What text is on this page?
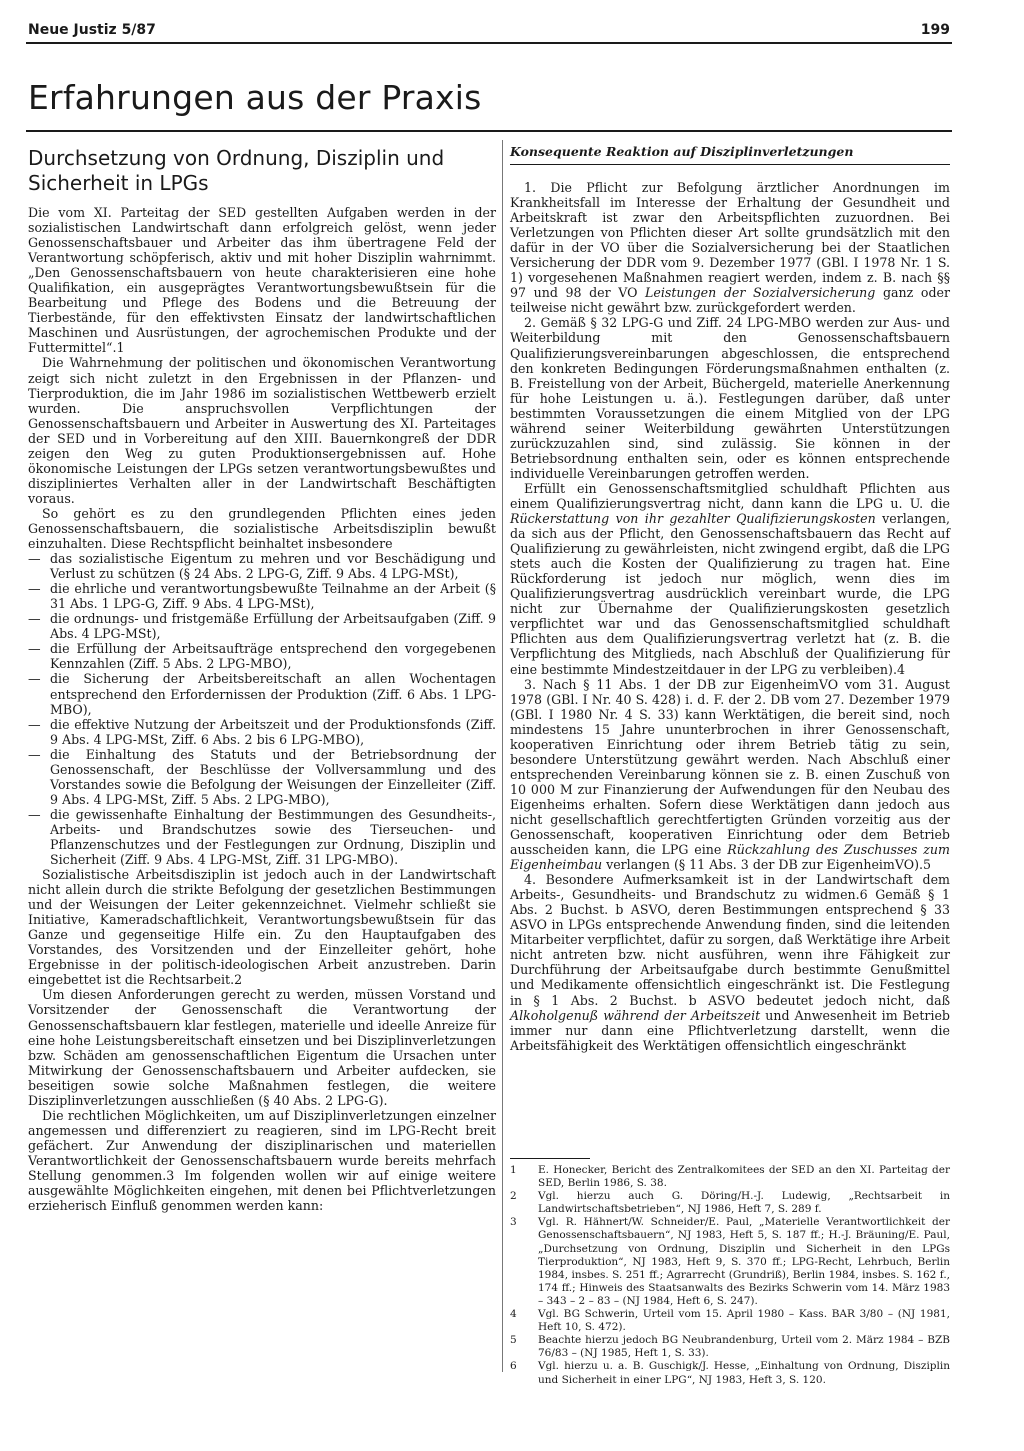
Neue Justiz 5/87	199
Erfahrungen aus der Praxis
Durchsetzung von Ordnung, Disziplin und Sicherheit in LPGs

Die vom XI. Parteitag der SED gestellten Aufgaben werden in der sozialistischen Landwirtschaft dann erfolgreich gelöst, wenn jeder Genossenschaftsbauer und Arbeiter das ihm übertragene Feld der Verantwortung schöpferisch, aktiv und mit hoher Disziplin wahrnimmt. „Den Genossenschaftsbauern von heute charakterisieren eine hohe Qualifikation, ein ausgeprägtes Verantwortungsbewußtsein für die Bearbeitung und Pflege des Bodens und die Betreuung der Tierbestände, für den effektivsten Einsatz der landwirtschaftlichen Maschinen und Ausrüstungen, der agrochemischen Produkte und der Futtermittel“.1

Die Wahrnehmung der politischen und ökonomischen Verantwortung zeigt sich nicht zuletzt in den Ergebnissen in der Pflanzen- und Tierproduktion, die im Jahr 1986 im sozialistischen Wettbewerb erzielt wurden. Die anspruchsvollen Verpflichtungen der Genossenschaftsbauern und Arbeiter in Auswertung des XI. Parteitages der SED und in Vorbereitung auf den XIII. Bauernkongreß der DDR zeigen den Weg zu guten Produktionsergebnissen auf. Hohe ökonomische Leistungen der LPGs setzen verantwortungsbewußtes und diszipliniertes Verhalten aller in der Landwirtschaft Beschäftigten voraus.

So gehört es zu den grundlegenden Pflichten eines jeden Genossenschaftsbauern, die sozialistische Arbeitsdisziplin bewußt einzuhalten. Diese Rechtspflicht beinhaltet insbesondere

— das sozialistische Eigentum zu mehren und vor Beschädigung und Verlust zu schützen (§ 24 Abs. 2 LPG-G, Ziff. 9 Abs. 4 LPG-MSt),
— die ehrliche und verantwortungsbewußte Teilnahme an der Arbeit (§ 31 Abs. 1 LPG-G, Ziff. 9 Abs. 4 LPG-MSt),
— die ordnungs- und fristgemäße Erfüllung der Arbeitsaufgaben (Ziff. 9 Abs. 4 LPG-MSt),
— die Erfüllung der Arbeitsaufträge entsprechend den vorgegebenen Kennzahlen (Ziff. 5 Abs. 2 LPG-MBO),
— die Sicherung der Arbeitsbereitschaft an allen Wochentagen entsprechend den Erfordernissen der Produktion (Ziff. 6 Abs. 1 LPG-MBO),
— die effektive Nutzung der Arbeitszeit und der Produktionsfonds (Ziff. 9 Abs. 4 LPG-MSt, Ziff. 6 Abs. 2 bis 6 LPG-MBO),
— die Einhaltung des Statuts und der Betriebsordnung der Genossenschaft, der Beschlüsse der Vollversammlung und des Vorstandes sowie die Befolgung der Weisungen der Einzelleiter (Ziff. 9 Abs. 4 LPG-MSt, Ziff. 5 Abs. 2 LPG-MBO),
— die gewissenhafte Einhaltung der Bestimmungen des Gesundheits-, Arbeits- und Brandschutzes sowie des Tierseuchen- und Pflanzenschutzes und der Festlegungen zur Ordnung, Disziplin und Sicherheit (Ziff. 9 Abs. 4 LPG-MSt, Ziff. 31 LPG-MBO).

Sozialistische Arbeitsdisziplin ist jedoch auch in der Landwirtschaft nicht allein durch die strikte Befolgung der gesetzlichen Bestimmungen und der Weisungen der Leiter gekennzeichnet. Vielmehr schließt sie Initiative, Kameradschaftlichkeit, Verantwortungsbewußtsein für das Ganze und gegenseitige Hilfe ein. Zu den Hauptaufgaben des Vorstandes, des Vorsitzenden und der Einzelleiter gehört, hohe Ergebnisse in der politisch-ideologischen Arbeit anzustreben. Darin eingebettet ist die Rechtsarbeit.2

Um diesen Anforderungen gerecht zu werden, müssen Vorstand und Vorsitzender der Genossenschaft die Verantwortung der Genossenschaftsbauern klar festlegen, materielle und ideelle Anreize für eine hohe Leistungsbereitschaft einsetzen und bei Disziplinverletzungen bzw. Schäden am genossenschaftlichen Eigentum die Ursachen unter Mitwirkung der Genossenschaftsbauern und Arbeiter aufdecken, sie beseitigen sowie solche Maßnahmen festlegen, die weitere Disziplinverletzungen ausschließen (§ 40 Abs. 2 LPG-G).

Die rechtlichen Möglichkeiten, um auf Disziplinverletzungen einzelner angemessen und differenziert zu reagieren, sind im LPG-Recht breit gefächert. Zur Anwendung der disziplinarischen und materiellen Verantwortlichkeit der Genossenschaftsbauern wurde bereits mehrfach Stellung genommen.3 Im folgenden wollen wir auf einige weitere ausgewählte Möglichkeiten eingehen, mit denen bei Pflichtverletzungen erzieherisch Einfluß genommen werden kann:

Konsequente Reaktion auf Disziplinverletzungen

1. Die Pflicht zur Befolgung ärztlicher Anordnungen im Krankheitsfall im Interesse der Erhaltung der Gesundheit und Arbeitskraft ist zwar den Arbeitspflichten zuzuordnen. Bei Verletzungen von Pflichten dieser Art sollte grundsätzlich mit den dafür in der VO über die Sozialversicherung bei der Staatlichen Versicherung der DDR vom 9. Dezember 1977 (GBl. I 1978 Nr. 1 S. 1) vorgesehenen Maßnahmen reagiert werden, indem z. B. nach §§ 97 und 98 der VO Leistungen der Sozialversicherung ganz oder teilweise nicht gewährt bzw. zurückgefordert werden.

2. Gemäß § 32 LPG-G und Ziff. 24 LPG-MBO werden zur Aus- und Weiterbildung mit den Genossenschaftsbauern Qualifizierungsvereinbarungen abgeschlossen, die entsprechend den konkreten Bedingungen Förderungsmaßnahmen enthalten (z. B. Freistellung von der Arbeit, Büchergeld, materielle Anerkennung für hohe Leistungen u. ä.). Festlegungen darüber, daß unter bestimmten Voraussetzungen die einem Mitglied von der LPG während seiner Weiterbildung gewährten Unterstützungen zurückzuzahlen sind, sind zulässig. Sie können in der Betriebsordnung enthalten sein, oder es können entsprechende individuelle Vereinbarungen getroffen werden.

Erfüllt ein Genossenschaftsmitglied schuldhaft Pflichten aus einem Qualifizierungsvertrag nicht, dann kann die LPG u. U. die Rückerstattung von ihr gezahlter Qualifizierungskosten verlangen, da sich aus der Pflicht, den Genossenschaftsbauern das Recht auf Qualifizierung zu gewährleisten, nicht zwingend ergibt, daß die LPG stets auch die Kosten der Qualifizierung zu tragen hat. Eine Rückforderung ist jedoch nur möglich, wenn dies im Qualifizierungsvertrag ausdrücklich vereinbart wurde, die LPG nicht zur Übernahme der Qualifizierungskosten gesetzlich verpflichtet war und das Genossenschaftsmitglied schuldhaft Pflichten aus dem Qualifizierungsvertrag verletzt hat (z. B. die Verpflichtung des Mitglieds, nach Abschluß der Qualifizierung für eine bestimmte Mindestzeitdauer in der LPG zu verbleiben).4

3. Nach § 11 Abs. 1 der DB zur EigenheimVO vom 31. August 1978 (GBl. I Nr. 40 S. 428) i. d. F. der 2. DB vom 27. Dezember 1979 (GBl. I 1980 Nr. 4 S. 33) kann Werktätigen, die bereit sind, noch mindestens 15 Jahre ununterbrochen in ihrer Genossenschaft, kooperativen Einrichtung oder ihrem Betrieb tätig zu sein, besondere Unterstützung gewährt werden. Nach Abschluß einer entsprechenden Vereinbarung können sie z. B. einen Zuschuß von 10 000 M zur Finanzierung der Aufwendungen für den Neubau des Eigenheims erhalten. Sofern diese Werktätigen dann jedoch aus nicht gesellschaftlich gerechtfertigten Gründen vorzeitig aus der Genossenschaft, kooperativen Einrichtung oder dem Betrieb ausscheiden kann, die LPG eine Rückzahlung des Zuschusses zum Eigenheimbau verlangen (§ 11 Abs. 3 der DB zur EigenheimVO).5

4. Besondere Aufmerksamkeit ist in der Landwirtschaft dem Arbeits-, Gesundheits- und Brandschutz zu widmen.6 Gemäß § 1 Abs. 2 Buchst. b ASVO, deren Bestimmungen entsprechend § 33 ASVO in LPGs entsprechende Anwendung finden, sind die leitenden Mitarbeiter verpflichtet, dafür zu sorgen, daß Werktätige ihre Arbeit nicht antreten bzw. nicht ausführen, wenn ihre Fähigkeit zur Durchführung der Arbeitsaufgabe durch bestimmte Genußmittel und Medikamente offensichtlich eingeschränkt ist. Die Festlegung in § 1 Abs. 2 Buchst. b ASVO bedeutet jedoch nicht, daß Alkoholgenuß während der Arbeitszeit und Anwesenheit im Betrieb immer nur dann eine Pflichtverletzung darstellt, wenn die Arbeitsfähigkeit des Werktätigen offensichtlich eingeschränkt

1 E. Honecker, Bericht des Zentralkomitees der SED an den XI. Parteitag der SED, Berlin 1986, S. 38.
2 Vgl. hierzu auch G. Döring/H.-J. Ludewig, „Rechtsarbeit in Landwirtschaftsbetrieben“, NJ 1986, Heft 7, S. 289 f.
3 Vgl. R. Hähnert/W. Schneider/E. Paul, „Materielle Verantwortlichkeit der Genossenschaftsbauern“, NJ 1983, Heft 5, S. 187 ff.; H.-J. Bräuning/E. Paul, „Durchsetzung von Ordnung, Disziplin und Sicherheit in den LPGs Tierproduktion“, NJ 1983, Heft 9, S. 370 ff.; LPG-Recht, Lehrbuch, Berlin 1984, insbes. S. 251 ff.; Agrarrecht (Grundriß), Berlin 1984, insbes. S. 162 f., 174 ff.; Hinweis des Staatsanwalts des Bezirks Schwerin vom 14. März 1983 – 343 – 2 – 83 – (NJ 1984, Heft 6, S. 247).
4 Vgl. BG Schwerin, Urteil vom 15. April 1980 – Kass. BAR 3/80 – (NJ 1981, Heft 10, S. 472).
5 Beachte hierzu jedoch BG Neubrandenburg, Urteil vom 2. März 1984 – BZB 76/83 – (NJ 1985, Heft 1, S. 33).
6 Vgl. hierzu u. a. B. Guschigk/J. Hesse, „Einhaltung von Ordnung, Disziplin und Sicherheit in einer LPG“, NJ 1983, Heft 3, S. 120.
